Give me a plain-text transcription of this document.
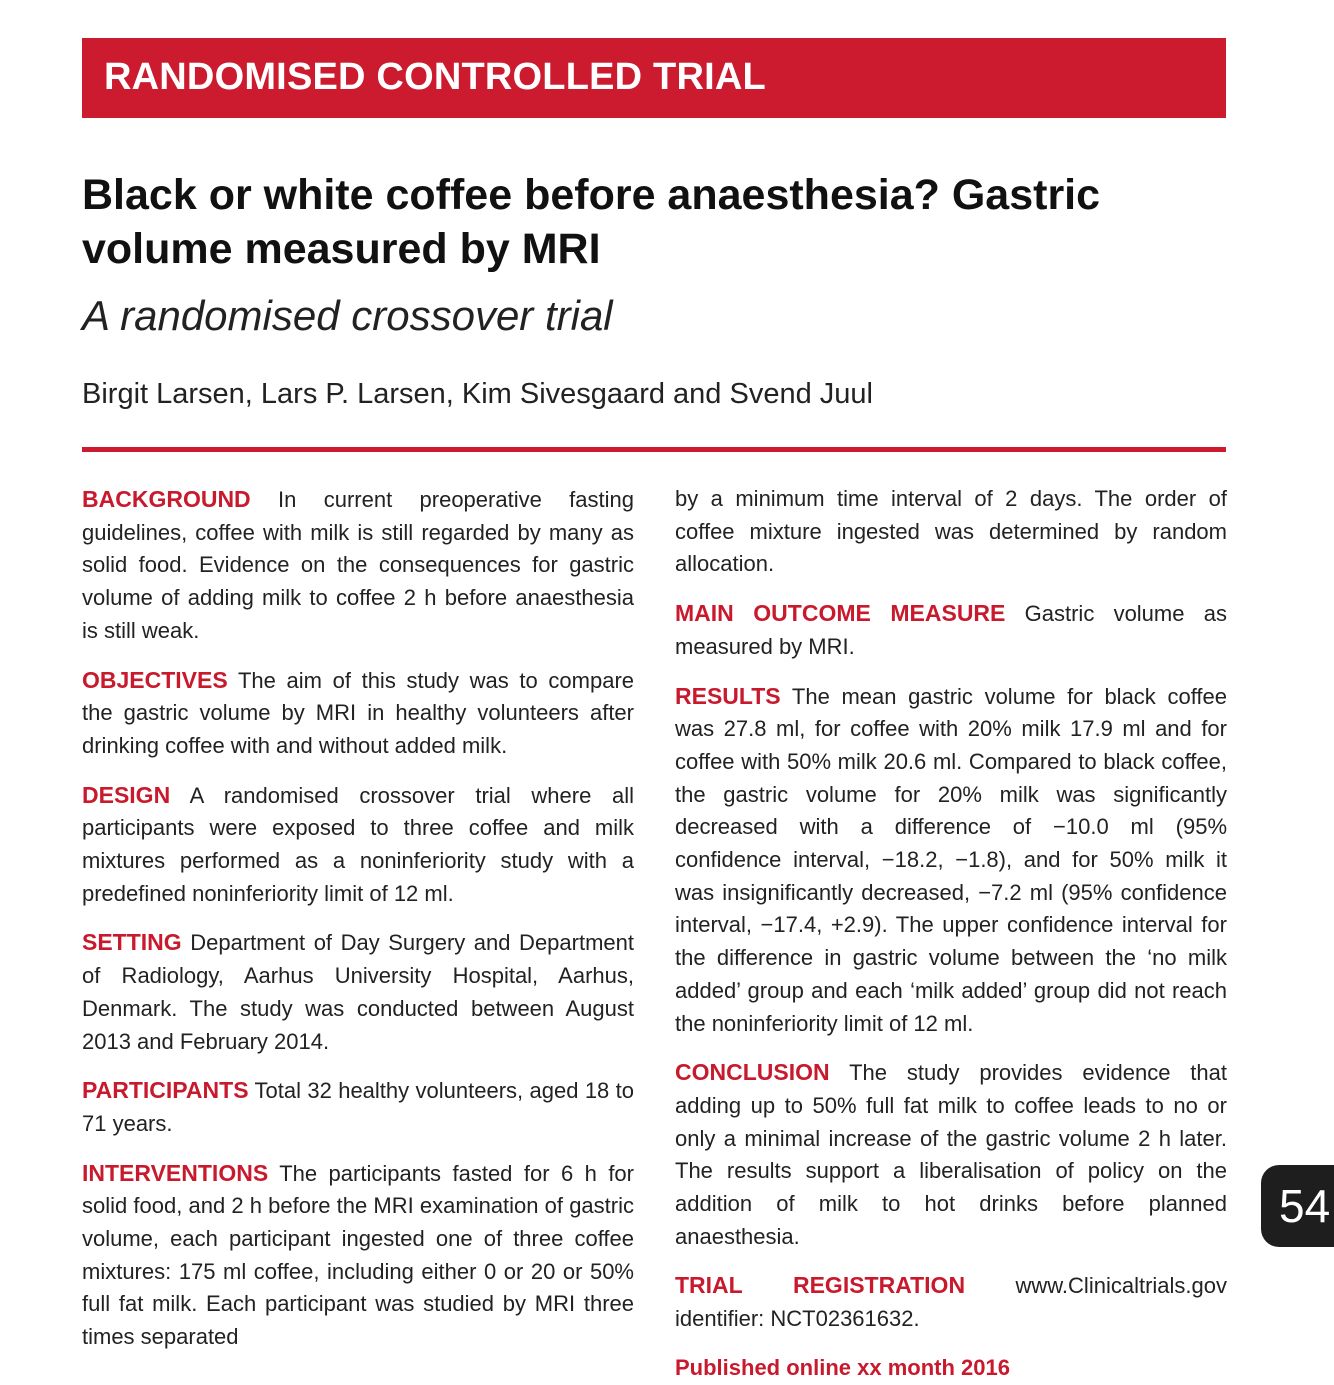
RANDOMISED CONTROLLED TRIAL
Black or white coffee before anaesthesia? Gastric volume measured by MRI
A randomised crossover trial

Birgit Larsen, Lars P. Larsen, Kim Sivesgaard and Svend Juul

BACKGROUND In current preoperative fasting guidelines, coffee with milk is still regarded by many as solid food. Evidence on the consequences for gastric volume of adding milk to coffee 2 h before anaesthesia is still weak.

OBJECTIVES The aim of this study was to compare the gastric volume by MRI in healthy volunteers after drinking coffee with and without added milk.

DESIGN A randomised crossover trial where all participants were exposed to three coffee and milk mixtures performed as a noninferiority study with a predefined noninferiority limit of 12 ml.

SETTING Department of Day Surgery and Department of Radiology, Aarhus University Hospital, Aarhus, Denmark. The study was conducted between August 2013 and February 2014.

PARTICIPANTS Total 32 healthy volunteers, aged 18 to 71 years.

INTERVENTIONS The participants fasted for 6 h for solid food, and 2 h before the MRI examination of gastric volume, each participant ingested one of three coffee mixtures: 175 ml coffee, including either 0 or 20 or 50% full fat milk. Each participant was studied by MRI three times separated

by a minimum time interval of 2 days. The order of coffee mixture ingested was determined by random allocation.

MAIN OUTCOME MEASURE Gastric volume as measured by MRI.

RESULTS The mean gastric volume for black coffee was 27.8 ml, for coffee with 20% milk 17.9 ml and for coffee with 50% milk 20.6 ml. Compared to black coffee, the gastric volume for 20% milk was significantly decreased with a difference of −10.0 ml (95% confidence interval, −18.2, −1.8), and for 50% milk it was insignificantly decreased, −7.2 ml (95% confidence interval, −17.4, +2.9). The upper confidence interval for the difference in gastric volume between the ‘no milk added’ group and each ‘milk added’ group did not reach the noninferiority limit of 12 ml.

CONCLUSION The study provides evidence that adding up to 50% full fat milk to coffee leads to no or only a minimal increase of the gastric volume 2 h later. The results support a liberalisation of policy on the addition of milk to hot drinks before planned anaesthesia.

TRIAL REGISTRATION www.Clinicaltrials.gov identifier: NCT02361632.

Published online xx month 2016
54
